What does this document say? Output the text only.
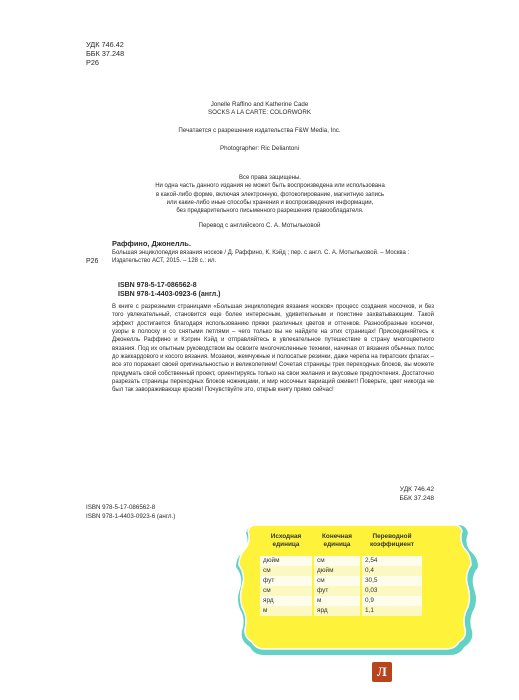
УДК 746.42
ББК 37.248
Р26
Jonelle Raffino and Katherine Cade
SOCKS A LA CARTE: COLORWORK
Печатается с разрешения издательства F&W Media, Inc.
Photographer: Ric Deliantoni
Все права защищены.
Ни одна часть данного издания не может быть воспроизведена или использована
в какой-либо форме, включая электронную, фотокопирование, магнитную запись
или какие-либо иные способы хранения и воспроизведения информации,
без предварительного письменного разрешения правообладателя.
Перевод с английского С. А. Мотыльковой
Раффино, Джонелль.
Р26
Большая энциклопедия вязания носков / Д. Раффино, К. Кэйд ; пер. с англ. С. А. Мотыльковой. – Москва : Издательство АСТ, 2015. – 128 с.: ил.
ISBN 978-5-17-086562-8
ISBN 978-1-4403-0923-6 (англ.)
В книге с разрезными страницами «Большая энциклопедия вязания носков» процесс создания носочков, и без того увлекательный, становится еще более интересным, удивительным и поистине захватывающим. Такой эффект достигается благодаря использованию пряжи различных цветов и оттенков. Разнообразные косички, узоры в полоску и со снятыми петлями – чего только вы не найдете на этих страницах! Присоединяйтесь к Джонелль Раффино и Кэтрин Кэйд и отправляйтесь в увлекательное путешествие в страну многоцветного вязания. Под их опытным руководством вы освоите многочисленные техники, начиная от вязания обычных полос до жаккардового и косого вязания. Мозаики, жемчужные и полосатые резинки, даже черепа на пиратских флагах – все это поражает своей оригинальностью и великолепием! Сочетая страницы трех переходных блоков, вы можете придумать свой собственный проект, ориентируясь только на свои желания и вкусовые предпочтения. Достаточно разрезать страницы переходных блоков ножницами, и мир носочных вариаций оживет! Поверьте, цвет никогда не был так завораживающе красив! Почувствуйте это, открыв книгу прямо сейчас!
УДК 746.42
ББК 37.248
ISBN 978-5-17-086562-8
ISBN 978-1-4403-0923-6 (англ.)
Исходная единица	Конечная единица	Переводной коэффициент
дюйм	см	2,54
см	дюйм	0,4
фут	см	30,5
см	фут	0,03
ярд	м	0,9
м	ярд	1,1
Л
